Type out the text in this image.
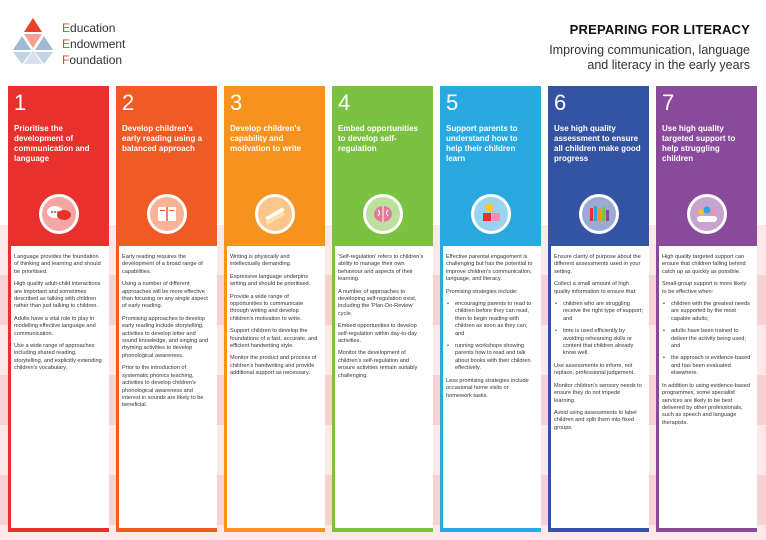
Education
Endowment
Foundation
PREPARING FOR LITERACY
Improving communication, language
and literacy in the early years
1
Prioritise the development of communication and language

Language provides the foundation of thinking and learning and should be prioritised.

High quality adult-child interactions are important and sometimes described as talking with children rather than just talking to children.

Adults have a vital role to play in modelling effective language and communication.

Use a wide range of approaches including shared reading, storytelling, and explicitly extending children's vocabulary.

2
Develop children's early reading using a balanced approach

Early reading requires the development of a broad range of capabilities.

Using a number of different approaches will be more effective than focusing on any single aspect of early reading.

Promising approaches to develop early reading include storytelling, activities to develop letter and sound knowledge, and singing and rhyming activities to develop phonological awareness.

Prior to the introduction of systematic phonics teaching, activities to develop children's phonological awareness and interest in sounds are likely to be beneficial.

3
Develop children's capability and motivation to write

Writing is physically and intellectually demanding.

Expressive language underpins writing and should be prioritised.

Provide a wide range of opportunities to communicate through writing and develop children's motivation to write.

Support children to develop the foundations of a fast, accurate, and efficient handwriting style.

Monitor the product and process of children's handwriting and provide additional support as necessary.

4
Embed opportunities to develop self-regulation

'Self-regulation' refers to children's ability to manage their own behaviour and aspects of their learning.

A number of approaches to developing self-regulation exist, including the 'Plan-Do-Review' cycle.

Embed opportunities to develop self-regulation within day-to-day activities.

Monitor the development of children's self-regulation and ensure activities remain suitably challenging.

5
Support parents to understand how to help their children learn

Effective parental engagement is challenging but has the potential to improve children's communication, language, and literacy.

Promising strategies include:

• encouraging parents to read to children before they can read, then to begin reading with children as soon as they can; and
• running workshops showing parents how to read and talk about books with their children effectively.

Less promising strategies include occasional home visits or homework tasks.

6
Use high quality assessment to ensure all children make good progress

Ensure clarity of purpose about the different assessments used in your setting.

Collect a small amount of high quality information to ensure that:

• children who are struggling receive the right type of support; and
• time is used efficiently by avoiding rehearsing skills or content that children already know well.

Use assessments to inform, not replace, professional judgement.

Monitor children's sensory needs to ensure they do not impede learning.

Avoid using assessments to label children and split them into fixed groups.

7
Use high quality targeted support to help struggling children

High quality targeted support can ensure that children falling behind catch up as quickly as possible.

Small-group support is more likely to be effective when:

• children with the greatest needs are supported by the most capable adults;
• adults have been trained to deliver the activity being used; and
• the approach is evidence-based and has been evaluated elsewhere.

In addition to using evidence-based programmes, some specialist services are likely to be best delivered by other professionals, such as speech and language therapists.
